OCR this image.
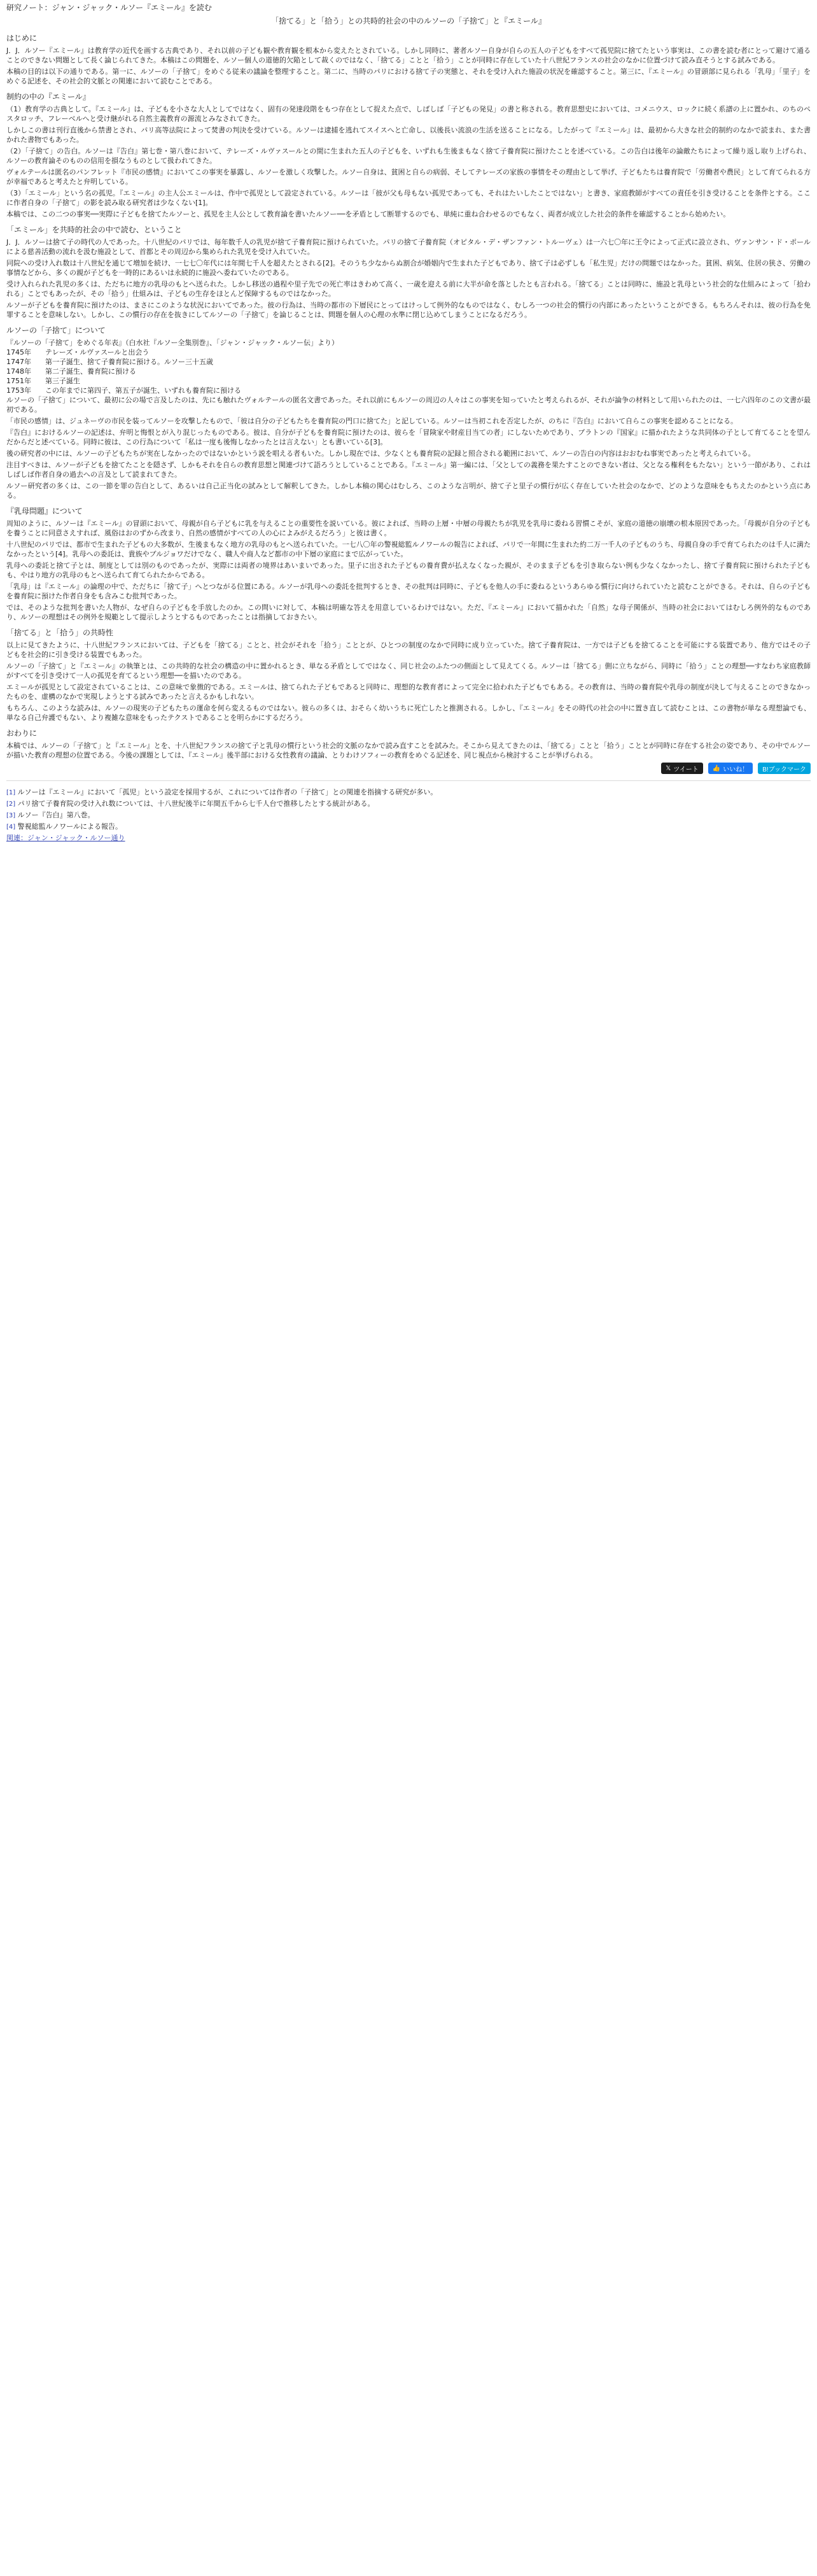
研究ノート：ジャン・ジャック・ルソー『エミール』を読む
「捨てる」と「拾う」との共時的社会の中のルソーの「子捨て」と『エミール』
はじめに
J．J．ルソー『エミール』は教育学の近代を画する古典であり、それ以前の子ども観や教育観を根本から変えたとされている。しかし同時に、著者ルソー自身が自らの五人の子どもをすべて孤児院に捨てたという事実は、この書を読む者にとって避けて通ることのできない問題として長く論じられてきた。本稿はこの問題を、ルソー個人の道徳的欠陥として裁くのではなく、「捨てる」ことと「拾う」ことが同時に存在していた十八世紀フランスの社会のなかに位置づけて読み直そうとする試みである。
本稿の目的は以下の通りである。第一に、ルソーの「子捨て」をめぐる従来の議論を整理すること。第二に、当時のパリにおける捨て子の実態と、それを受け入れた施設の状況を確認すること。第三に、『エミール』の冒頭部に見られる「乳母」「里子」をめぐる記述を、その社会的文脈との関連において読むことである。
制約の中の『エミール』
（1）教育学の古典として。『エミール』は、子どもを小さな大人としてではなく、固有の発達段階をもつ存在として捉えた点で、しばしば「子どもの発見」の書と称される。教育思想史においては、コメニウス、ロックに続く系譜の上に置かれ、のちのペスタロッチ、フレーベルへと受け継がれる自然主義教育の源流とみなされてきた。
しかしこの書は刊行直後から禁書とされ、パリ高等法院によって焚書の判決を受けている。ルソーは逮捕を逃れてスイスへと亡命し、以後長い流浪の生活を送ることになる。したがって『エミール』は、最初から大きな社会的制約のなかで読まれ、また書かれた書物でもあった。
（2）「子捨て」の告白。ルソーは『告白』第七巻・第八巻において、テレーズ・ルヴァスールとの間に生まれた五人の子どもを、いずれも生後まもなく捨て子養育院に預けたことを述べている。この告白は後年の論敵たちによって繰り返し取り上げられ、ルソーの教育論そのものの信用を損なうものとして扱われてきた。
ヴォルテールは匿名のパンフレット『市民の感情』においてこの事実を暴露し、ルソーを激しく攻撃した。ルソー自身は、貧困と自らの病弱、そしてテレーズの家族の事情をその理由として挙げ、子どもたちは養育院で「労働者や農民」として育てられる方が幸福であると考えたと弁明している。
（3）「エミール」という名の孤児。『エミール』の主人公エミールは、作中で孤児として設定されている。ルソーは「彼が父も母もない孤児であっても、それはたいしたことではない」と書き、家庭教師がすべての責任を引き受けることを条件とする。ここに作者自身の「子捨て」の影を読み取る研究者は少なくない[1]。
本稿では、この二つの事実──実際に子どもを捨てたルソーと、孤児を主人公として教育論を書いたルソー──を矛盾として断罪するのでも、単純に重ね合わせるのでもなく、両者が成立した社会的条件を確認することから始めたい。
「エミール」を共時的社会の中で読む、ということ
J．J．ルソーは捨て子の時代の人であった。十八世紀のパリでは、毎年数千人の乳児が捨て子養育院に預けられていた。パリの捨て子養育院（オピタル・デ・ザンファン・トルーヴェ）は一六七〇年に王令によって正式に設立され、ヴァンサン・ド・ポールによる慈善活動の流れを汲む施設として、首都とその周辺から集められた乳児を受け入れていた。
同院への受け入れ数は十八世紀を通じて増加を続け、一七七〇年代には年間七千人を超えたとされる[2]。そのうち少なからぬ割合が婚姻内で生まれた子どもであり、捨て子は必ずしも「私生児」だけの問題ではなかった。貧困、病気、住居の狭さ、労働の事情などから、多くの親が子どもを一時的にあるいは永続的に施設へ委ねていたのである。
受け入れられた乳児の多くは、ただちに地方の乳母のもとへ送られた。しかし移送の過程や里子先での死亡率はきわめて高く、一歳を迎える前に大半が命を落としたとも言われる。「捨てる」ことは同時に、施設と乳母という社会的な仕組みによって「拾われる」ことでもあったが、その「拾う」仕組みは、子どもの生存をほとんど保障するものではなかった。
ルソーが子どもを養育院に預けたのは、まさにこのような状況においてであった。彼の行為は、当時の都市の下層民にとってはけっして例外的なものではなく、むしろ一つの社会的慣行の内部にあったということができる。もちろんそれは、彼の行為を免罪することを意味しない。しかし、この慣行の存在を抜きにしてルソーの「子捨て」を論じることは、問題を個人の心理の水準に閉じ込めてしまうことになるだろう。
ルソーの「子捨て」について
『ルソーの「子捨て」をめぐる年表』（白水社『ルソー全集別巻』、「ジャン・ジャック・ルソー伝」より）
1745年　　テレーズ・ルヴァスールと出会う
1747年　　第一子誕生、捨て子養育院に預ける。ルソー三十五歳
1748年　　第二子誕生、養育院に預ける
1751年　　第三子誕生
1753年　　この年までに第四子、第五子が誕生、いずれも養育院に預ける
ルソーの「子捨て」について、最初に公の場で言及したのは、先にも触れたヴォルテールの匿名文書であった。それ以前にもルソーの周辺の人々はこの事実を知っていたと考えられるが、それが論争の材料として用いられたのは、一七六四年のこの文書が最初である。
「市民の感情」は、ジュネーヴの市民を装ってルソーを攻撃したもので、「彼は自分の子どもたちを養育院の門口に捨てた」と記している。ルソーは当初これを否定したが、のちに『告白』において自らこの事実を認めることになる。
『告白』におけるルソーの記述は、弁明と悔恨とが入り混じったものである。彼は、自分が子どもを養育院に預けたのは、彼らを「冒険家や財産目当ての者」にしないためであり、プラトンの『国家』に描かれたような共同体の子として育てることを望んだからだと述べている。同時に彼は、この行為について「私は一度も後悔しなかったとは言えない」とも書いている[3]。
後の研究者の中には、ルソーの子どもたちが実在しなかったのではないかという説を唱える者もいた。しかし現在では、少なくとも養育院の記録と照合される範囲において、ルソーの告白の内容はおおむね事実であったと考えられている。
注目すべきは、ルソーが子どもを捨てたことを隠さず、しかもそれを自らの教育思想と関連づけて語ろうとしていることである。『エミール』第一編には、「父としての義務を果たすことのできない者は、父となる権利をもたない」という一節があり、これはしばしば作者自身の過去への言及として読まれてきた。
ルソー研究者の多くは、この一節を罪の告白として、あるいは自己正当化の試みとして解釈してきた。しかし本稿の関心はむしろ、このような言明が、捨て子と里子の慣行が広く存在していた社会のなかで、どのような意味をもちえたのかという点にある。
『乳母問題』について
周知のように、ルソーは『エミール』の冒頭において、母親が自ら子どもに乳を与えることの重要性を説いている。彼によれば、当時の上層・中層の母親たちが乳児を乳母に委ねる習慣こそが、家庭の道徳の崩壊の根本原因であった。「母親が自分の子どもを養うことに同意さえすれば、風俗はおのずから改まり、自然の感情がすべての人の心によみがえるだろう」と彼は書く。
十八世紀のパリでは、都市で生まれた子どもの大多数が、生後まもなく地方の乳母のもとへ送られていた。一七八〇年の警視総監ルノワールの報告によれば、パリで一年間に生まれた約二万一千人の子どものうち、母親自身の手で育てられたのは千人に満たなかったという[4]。乳母への委託は、貴族やブルジョワだけでなく、職人や商人など都市の中下層の家庭にまで広がっていた。
乳母への委託と捨て子とは、制度としては別のものであったが、実際には両者の境界はあいまいであった。里子に出された子どもの養育費が払えなくなった親が、そのまま子どもを引き取らない例も少なくなかったし、捨て子養育院に預けられた子どもも、やはり地方の乳母のもとへ送られて育てられたからである。
「乳母」は『エミール』の論理の中で、ただちに「捨て子」へとつながる位置にある。ルソーが乳母への委託を批判するとき、その批判は同時に、子どもを他人の手に委ねるというあらゆる慣行に向けられていたと読むことができる。それは、自らの子どもを養育院に預けた作者自身をも含みこむ批判であった。
では、そのような批判を書いた人物が、なぜ自らの子どもを手放したのか。この問いに対して、本稿は明確な答えを用意しているわけではない。ただ、『エミール』において描かれた「自然」な母子関係が、当時の社会においてはむしろ例外的なものであり、ルソーの理想はその例外を規範として提示しようとするものであったことは指摘しておきたい。
「捨てる」と「拾う」の共時性
以上に見てきたように、十八世紀フランスにおいては、子どもを「捨てる」ことと、社会がそれを「拾う」こととが、ひとつの制度のなかで同時に成り立っていた。捨て子養育院は、一方では子どもを捨てることを可能にする装置であり、他方ではその子どもを社会的に引き受ける装置でもあった。
ルソーの「子捨て」と『エミール』の執筆とは、この共時的な社会の構造の中に置かれるとき、単なる矛盾としてではなく、同じ社会のふたつの側面として見えてくる。ルソーは「捨てる」側に立ちながら、同時に「拾う」ことの理想──すなわち家庭教師がすべてを引き受けて一人の孤児を育てるという理想──を描いたのである。
エミールが孤児として設定されていることは、この意味で象徴的である。エミールは、捨てられた子どもであると同時に、理想的な教育者によって完全に拾われた子どもでもある。その教育は、当時の養育院や乳母の制度が決して与えることのできなかったものを、虚構のなかで実現しようとする試みであったと言えるかもしれない。
もちろん、このような読みは、ルソーの現実の子どもたちの運命を何ら変えるものではない。彼らの多くは、おそらく幼いうちに死亡したと推測される。しかし、『エミール』をその時代の社会の中に置き直して読むことは、この書物が単なる理想論でも、単なる自己弁護でもない、より複雑な意味をもったテクストであることを明らかにするだろう。
おわりに
本稿では、ルソーの「子捨て」と『エミール』とを、十八世紀フランスの捨て子と乳母の慣行という社会的文脈のなかで読み直すことを試みた。そこから見えてきたのは、「捨てる」ことと「拾う」こととが同時に存在する社会の姿であり、その中でルソーが描いた教育の理想の位置である。今後の課題としては、『エミール』後半部における女性教育の議論、とりわけソフィーの教育をめぐる記述を、同じ視点から検討することが挙げられる。
𝕏 ツイート 👍 いいね！ B!ブックマーク
[1] ルソーは『エミール』において「孤児」という設定を採用するが、これについては作者の「子捨て」との関連を指摘する研究が多い。
[2] パリ捨て子養育院の受け入れ数については、十八世紀後半に年間五千から七千人台で推移したとする統計がある。
[3] ルソー『告白』第八巻。
[4] 警視総監ルノワールによる報告。
関連：ジャン・ジャック・ルソー通り
